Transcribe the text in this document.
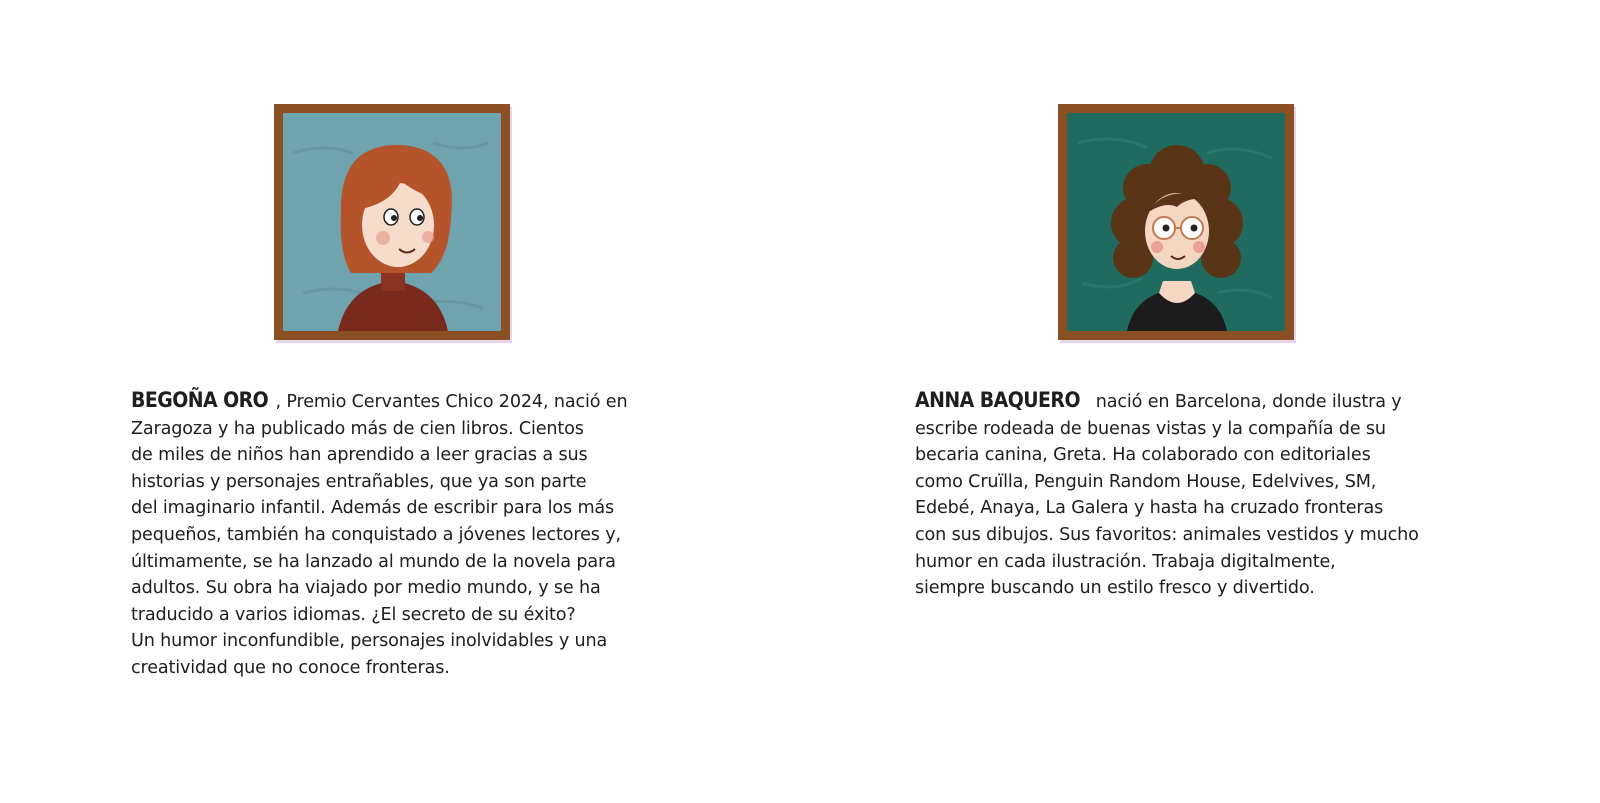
BEGOÑA ORO , Premio Cervantes Chico 2024, nació en
Zaragoza y ha publicado más de cien libros. Cientos
de miles de niños han aprendido a leer gracias a sus
historias y personajes entrañables, que ya son parte
del imaginario infantil. Además de escribir para los más
pequeños, también ha conquistado a jóvenes lectores y,
últimamente, se ha lanzado al mundo de la novela para
adultos. Su obra ha viajado por medio mundo, y se ha
traducido a varios idiomas. ¿El secreto de su éxito?
Un humor inconfundible, personajes inolvidables y una
creatividad que no conoce fronteras.
ANNA BAQUERO nació en Barcelona, donde ilustra y
escribe rodeada de buenas vistas y la compañía de su
becaria canina, Greta. Ha colaborado con editoriales
como Cruïlla, Penguin Random House, Edelvives, SM,
Edebé, Anaya, La Galera y hasta ha cruzado fronteras
con sus dibujos. Sus favoritos: animales vestidos y mucho
humor en cada ilustración. Trabaja digitalmente,
siempre buscando un estilo fresco y divertido.
